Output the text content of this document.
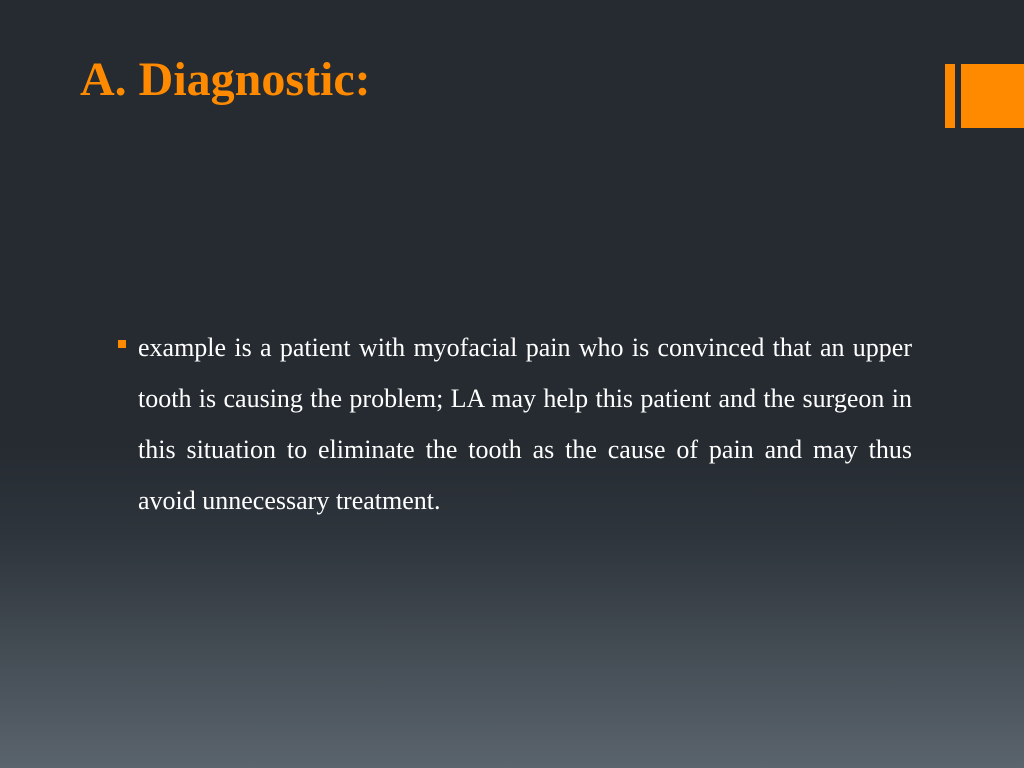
A. Diagnostic:

example is a patient with myofacial pain who is convinced that an upper tooth is causing the problem; LA may help this patient and the surgeon in this situation to eliminate the tooth as the cause of pain and may thus avoid unnecessary treatment.
